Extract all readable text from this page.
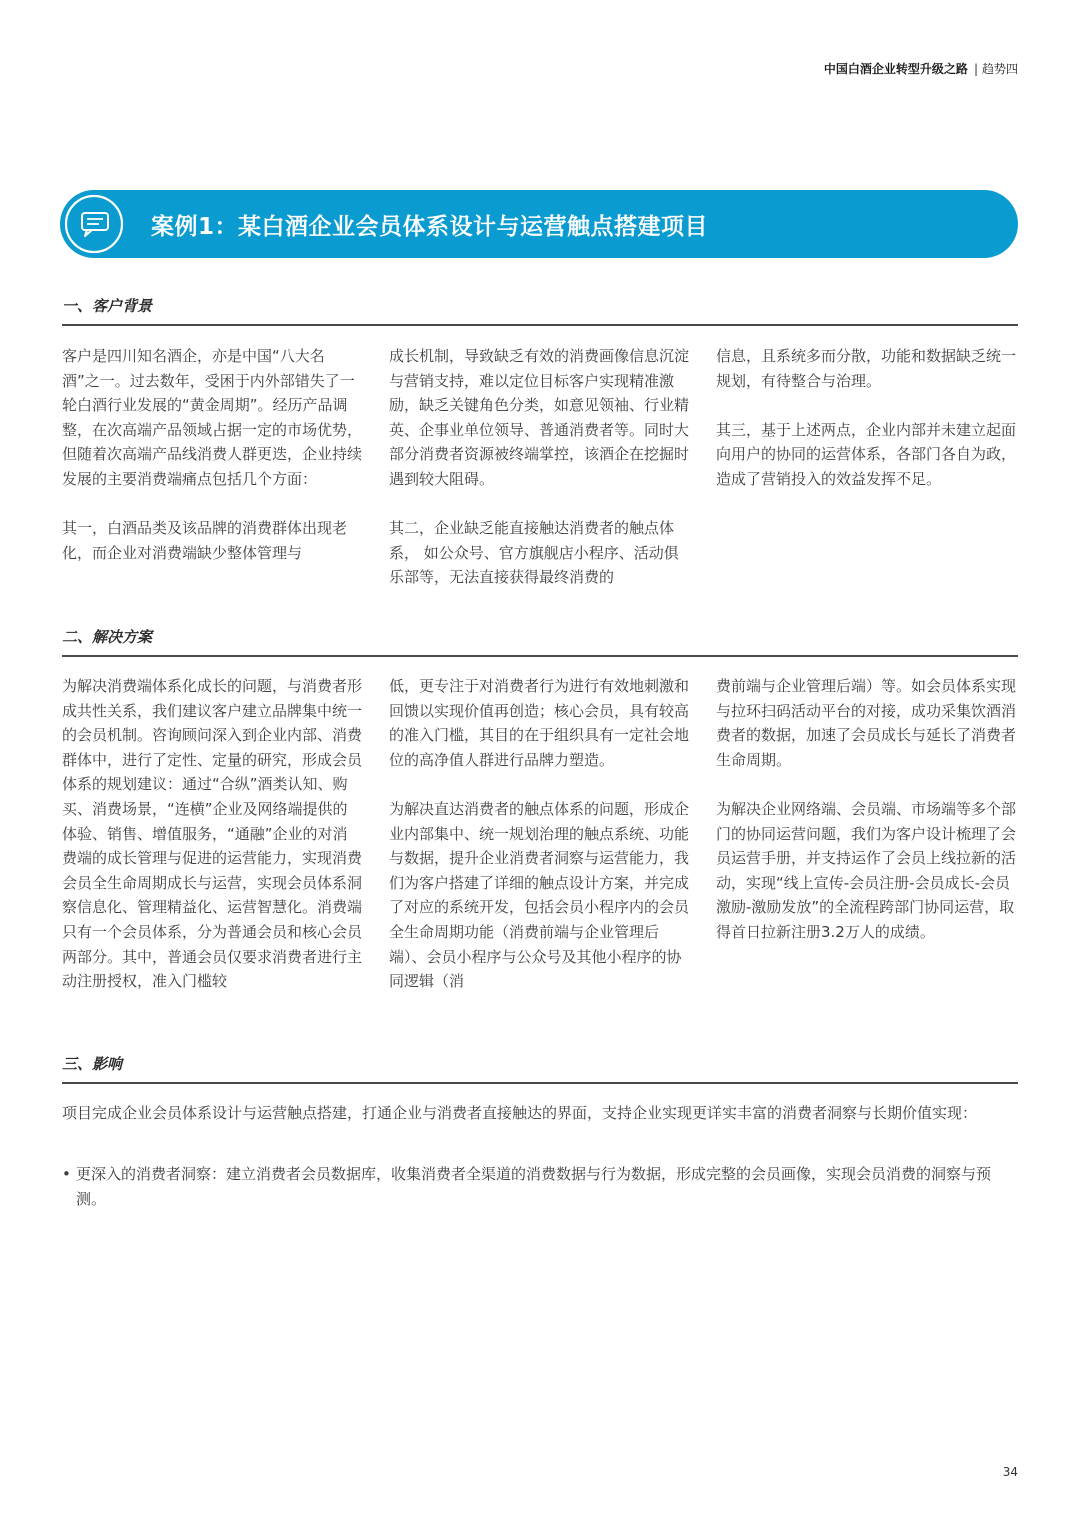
中国白酒企业转型升级之路 | 趋势四
案例1：某白酒企业会员体系设计与运营触点搭建项目
一、客户背景

客户是四川知名酒企，亦是中国“八大名酒”之一。过去数年，受困于内外部错失了一轮白酒行业发展的“黄金周期”。经历产品调整，在次高端产品领域占据一定的市场优势，但随着次高端产品线消费人群更迭，企业持续发展的主要消费端痛点包括几个方面：

其一，白酒品类及该品牌的消费群体出现老化，而企业对消费端缺少整体管理与

成长机制，导致缺乏有效的消费画像信息沉淀与营销支持，难以定位目标客户实现精准激励，缺乏关键角色分类，如意见领袖、行业精英、企事业单位领导、普通消费者等。同时大部分消费者资源被终端掌控，该酒企在挖掘时遇到较大阻碍。

其二，企业缺乏能直接触达消费者的触点体系， 如公众号、官方旗舰店小程序、活动俱乐部等，无法直接获得最终消费的

信息，且系统多而分散，功能和数据缺乏统一规划，有待整合与治理。

其三，基于上述两点，企业内部并未建立起面向用户的协同的运营体系，各部门各自为政，造成了营销投入的效益发挥不足。

二、解决方案

为解决消费端体系化成长的问题，与消费者形成共性关系，我们建议客户建立品牌集中统一的会员机制。咨询顾问深入到企业内部、消费群体中，进行了定性、定量的研究，形成会员体系的规划建议：通过“合纵”酒类认知、购买、消费场景，“连横”企业及网络端提供的体验、销售、增值服务，“通融”企业的对消费端的成长管理与促进的运营能力，实现消费会员全生命周期成长与运营，实现会员体系洞察信息化、管理精益化、运营智慧化。消费端只有一个会员体系，分为普通会员和核心会员两部分。其中，普通会员仅要求消费者进行主动注册授权，准入门槛较

低，更专注于对消费者行为进行有效地刺激和回馈以实现价值再创造；核心会员，具有较高的准入门槛，其目的在于组织具有一定社会地位的高净值人群进行品牌力塑造。

为解决直达消费者的触点体系的问题，形成企业内部集中、统一规划治理的触点系统、功能与数据，提升企业消费者洞察与运营能力，我们为客户搭建了详细的触点设计方案，并完成了对应的系统开发，包括会员小程序内的会员全生命周期功能（消费前端与企业管理后端）、会员小程序与公众号及其他小程序的协同逻辑（消

费前端与企业管理后端）等。如会员体系实现与拉环扫码活动平台的对接，成功采集饮酒消费者的数据，加速了会员成长与延长了消费者生命周期。

为解决企业网络端、会员端、市场端等多个部门的协同运营问题，我们为客户设计梳理了会员运营手册，并支持运作了会员上线拉新的活动，实现“线上宣传-会员注册-会员成长-会员激励-激励发放”的全流程跨部门协同运营，取得首日拉新注册3.2万人的成绩。

三、影响
项目完成企业会员体系设计与运营触点搭建，打通企业与消费者直接触达的界面，支持企业实现更详实丰富的消费者洞察与长期价值实现：
• 更深入的消费者洞察：建立消费者会员数据库，收集消费者全渠道的消费数据与行为数据，形成完整的会员画像，实现会员消费的洞察与预测。
34
